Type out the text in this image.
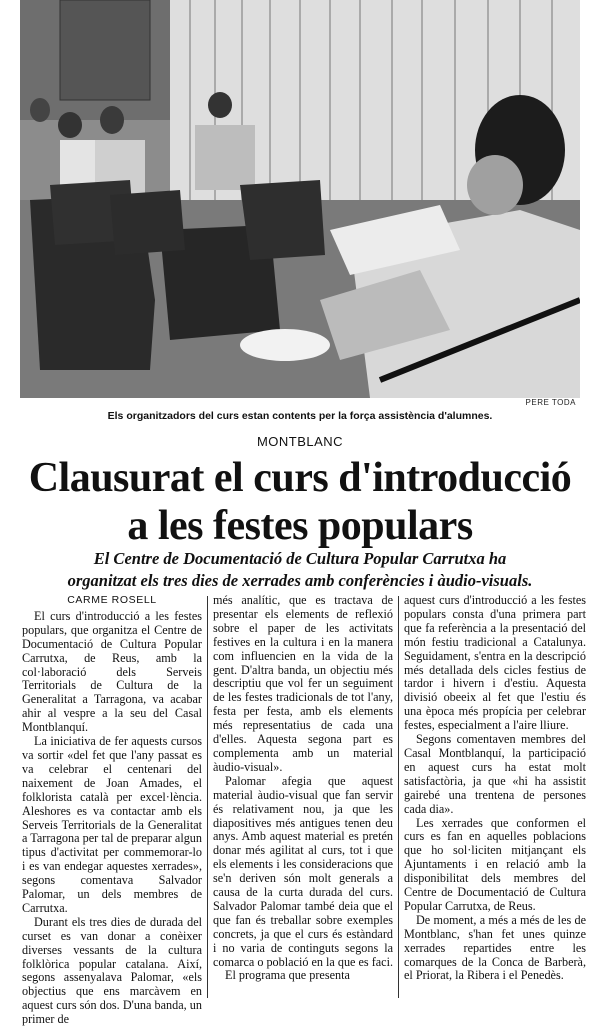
PERE TODA
Els organitzadors del curs estan contents per la força assistència d'alumnes.
MONTBLANC
Clausurat el curs d'introducció
a les festes populars
El Centre de Documentació de Cultura Popular Carrutxa ha
organitzat els tres dies de xerrades amb conferències i àudio-visuals.
CARME ROSELL

El curs d'introducció a les festes populars, que organitza el Centre de Documentació de Cultura Popular Carrutxa, de Reus, amb la col·laboració dels Serveis Territorials de Cultura de la Generalitat a Tarragona, va acabar ahir al vespre a la seu del Casal Montblanquí.

La iniciativa de fer aquests cursos va sortir «del fet que l'any passat es va celebrar el centenari del naixement de Joan Amades, el folklorista català per excel·lència. Aleshores es va contactar amb els Serveis Territorials de la Generalitat a Tarragona per tal de preparar algun tipus d'activitat per commemorar-lo i es van endegar aquestes xerrades», segons comentava Salvador Palomar, un dels membres de Carrutxa.

Durant els tres dies de durada del curset es van donar a conèixer diverses vessants de la cultura folklòrica popular catalana. Així, segons assenyalava Palomar, «els objectius que ens marcàvem en aquest curs són dos. D'una banda, un primer de

més analític, que es tractava de presentar els elements de reflexió sobre el paper de les activitats festives en la cultura i en la manera com influencien en la vida de la gent. D'altra banda, un objectiu més descriptiu que vol fer un seguiment de les festes tradicionals de tot l'any, festa per festa, amb els elements més representatius de cada una d'elles. Aquesta segona part es complementa amb un material àudio-visual».

Palomar afegia que aquest material àudio-visual que fan servir és relativament nou, ja que les diapositives més antigues tenen deu anys. Amb aquest material es pretén donar més agilitat al curs, tot i que els elements i les consideracions que se'n deriven són molt generals a causa de la curta durada del curs. Salvador Palomar també deia que el que fan és treballar sobre exemples concrets, ja que el curs és estàndard i no varia de continguts segons la comarca o població en la que es faci.

El programa que presenta

aquest curs d'introducció a les festes populars consta d'una primera part que fa referència a la presentació del món festiu tradicional a Catalunya. Seguidament, s'entra en la descripció més detallada dels cicles festius de tardor i hivern i d'estiu. Aquesta divisió obeeix al fet que l'estiu és una època més propícia per celebrar festes, especialment a l'aire lliure.

Segons comentaven membres del Casal Montblanquí, la participació en aquest curs ha estat molt satisfactòria, ja que «hi ha assistit gairebé una trentena de persones cada dia».

Les xerrades que conformen el curs es fan en aquelles poblacions que ho sol·liciten mitjançant els Ajuntaments i en relació amb la disponibilitat dels membres del Centre de Documentació de Cultura Popular Carrutxa, de Reus.

De moment, a més a més de les de Montblanc, s'han fet unes quinze xerrades repartides entre les comarques de la Conca de Barberà, el Priorat, la Ribera i el Penedès.
